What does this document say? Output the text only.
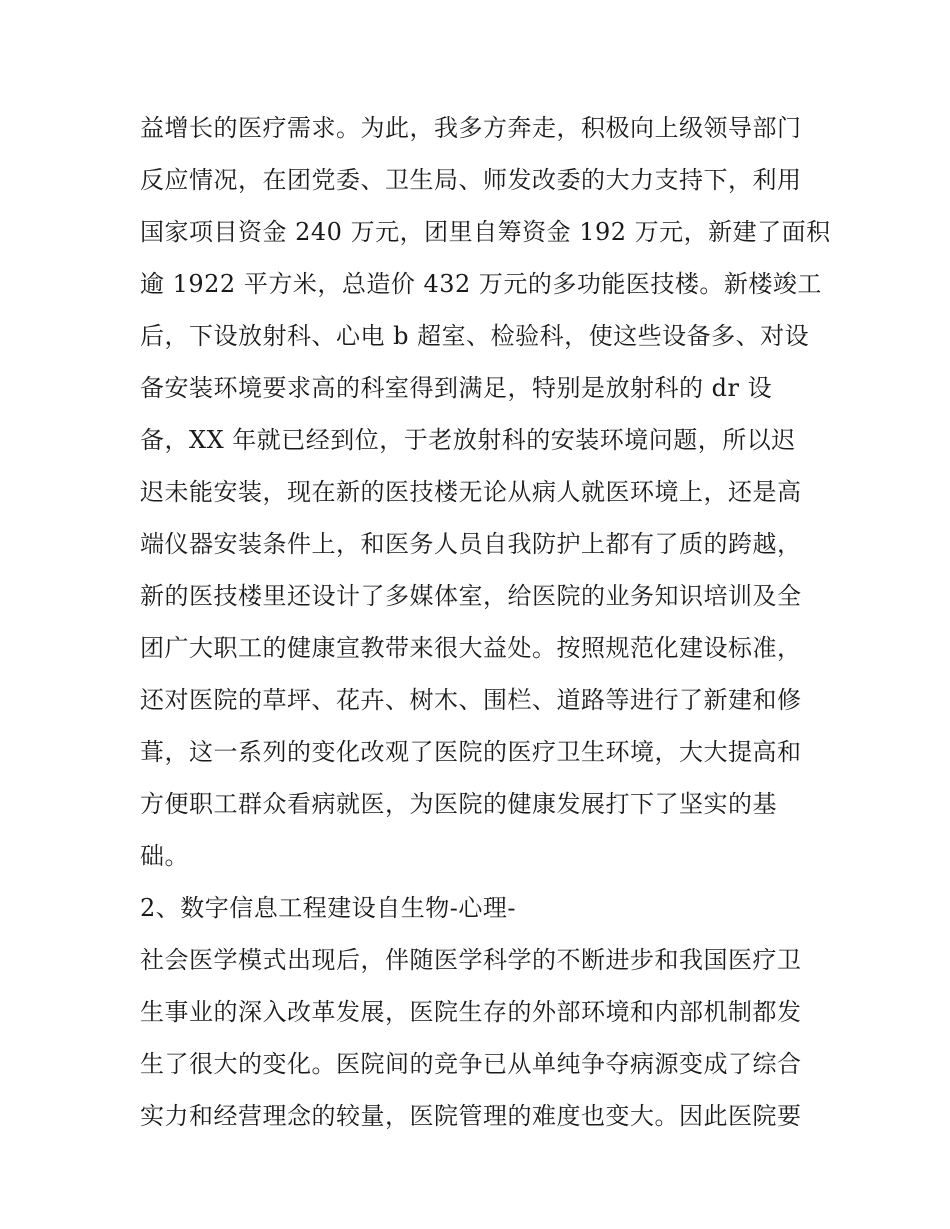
益增长的医疗需求。为此，我多方奔走，积极向上级领导部门
反应情况，在团党委、卫生局、师发改委的大力支持下，利用
国家项目资金 240 万元，团里自筹资金 192 万元，新建了面积
逾 1922 平方米，总造价 432 万元的多功能医技楼。新楼竣工
后，下设放射科、心电 b 超室、检验科，使这些设备多、对设
备安装环境要求高的科室得到满足，特别是放射科的 dr 设
备，XX 年就已经到位，于老放射科的安装环境问题，所以迟
迟未能安装，现在新的医技楼无论从病人就医环境上，还是高
端仪器安装条件上，和医务人员自我防护上都有了质的跨越，
新的医技楼里还设计了多媒体室，给医院的业务知识培训及全
团广大职工的健康宣教带来很大益处。按照规范化建设标准，
还对医院的草坪、花卉、树木、围栏、道路等进行了新建和修
葺，这一系列的变化改观了医院的医疗卫生环境，大大提高和
方便职工群众看病就医，为医院的健康发展打下了坚实的基
础。
2、数字信息工程建设自生物-心理-
社会医学模式出现后，伴随医学科学的不断进步和我国医疗卫
生事业的深入改革发展，医院生存的外部环境和内部机制都发
生了很大的变化。医院间的竞争已从单纯争夺病源变成了综合
实力和经营理念的较量，医院管理的难度也变大。因此医院要
